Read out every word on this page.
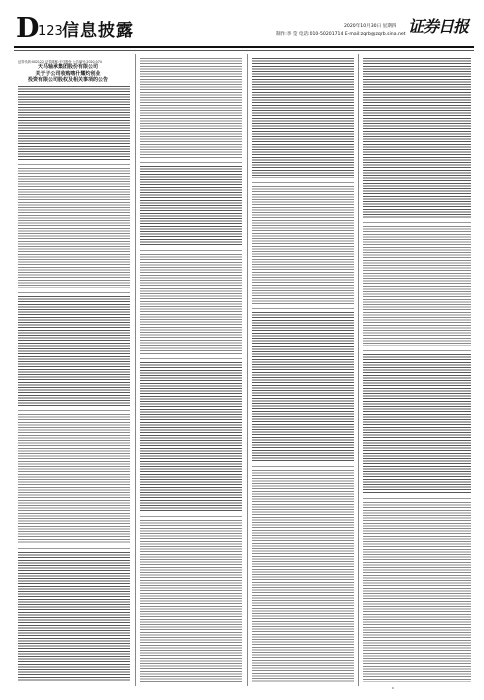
D
123 信息披露	2020年10月30日 星期四
制作:李 莹 电话:010-50201714 E-mail:zqrb@zqrb.sina.net 证券日报
证券代码:002122 证券简称:天马股份 公告编号:2020-074
天马轴承集团股份有限公司
关于子公司收购喀什耀灼创业
投资有限公司股权及相关事项的公告
C
